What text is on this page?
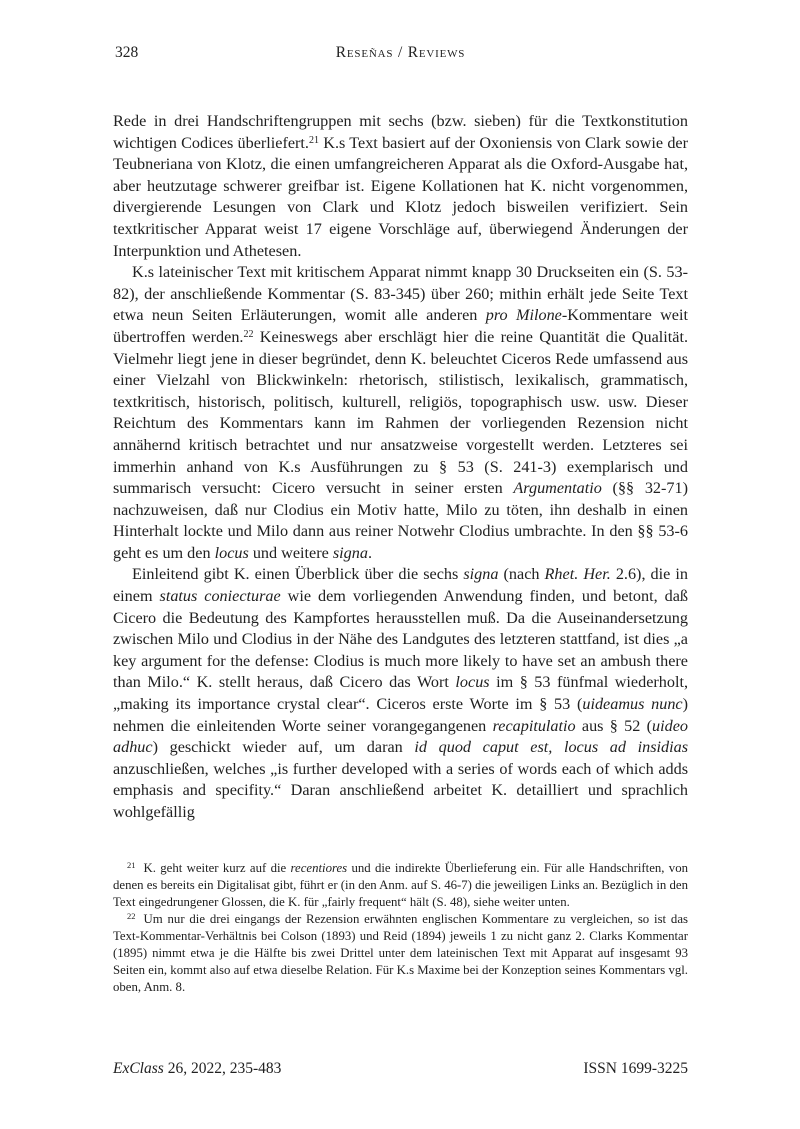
328	Reseñas / Reviews

Rede in drei Handschriftengruppen mit sechs (bzw. sieben) für die Textkonstitution wichtigen Codices überliefert.$^{21}$ K.s Text basiert auf der Oxoniensis von Clark sowie der Teubneriana von Klotz, die einen umfangreicheren Apparat als die Oxford-Ausgabe hat, aber heutzutage schwerer greifbar ist. Eigene Kollationen hat K. nicht vorgenommen, divergierende Lesungen von Clark und Klotz jedoch bisweilen verifiziert. Sein textkritischer Apparat weist 17 eigene Vorschläge auf, überwiegend Änderungen der Interpunktion und Athetesen.

K.s lateinischer Text mit kritischem Apparat nimmt knapp 30 Druckseiten ein (S. 53-82), der anschließende Kommentar (S. 83-345) über 260; mithin erhält jede Seite Text etwa neun Seiten Erläuterungen, womit alle anderen pro Milone-Kommentare weit übertroffen werden.$^{22}$ Keineswegs aber erschlägt hier die reine Quantität die Qualität. Vielmehr liegt jene in dieser begründet, denn K. beleuchtet Ciceros Rede umfassend aus einer Vielzahl von Blickwinkeln: rhetorisch, stilistisch, lexikalisch, grammatisch, textkritisch, historisch, politisch, kulturell, religiös, topographisch usw. usw. Dieser Reichtum des Kommentars kann im Rahmen der vorliegenden Rezension nicht annähernd kritisch betrachtet und nur ansatzweise vorgestellt werden. Letzteres sei immerhin anhand von K.s Ausführungen zu § 53 (S. 241-3) exemplarisch und summarisch versucht: Cicero versucht in seiner ersten Argumentatio (§§ 32-71) nachzuweisen, daß nur Clodius ein Motiv hatte, Milo zu töten, ihn deshalb in einen Hinterhalt lockte und Milo dann aus reiner Notwehr Clodius umbrachte. In den §§ 53-6 geht es um den locus und weitere signa.

Einleitend gibt K. einen Überblick über die sechs signa (nach Rhet. Her. 2.6), die in einem status coniecturae wie dem vorliegenden Anwendung finden, und betont, daß Cicero die Bedeutung des Kampfortes herausstellen muß. Da die Auseinandersetzung zwischen Milo und Clodius in der Nähe des Landgutes des letzteren stattfand, ist dies „a key argument for the defense: Clodius is much more likely to have set an ambush there than Milo.“ K. stellt heraus, daß Cicero das Wort locus im § 53 fünfmal wiederholt, „making its importance crystal clear“. Ciceros erste Worte im § 53 (uideamus nunc) nehmen die einleitenden Worte seiner vorangegangenen recapitulatio aus § 52 (uideo adhuc) geschickt wieder auf, um daran id quod caput est, locus ad insidias anzuschließen, welches „is further developed with a series of words each of which adds emphasis and specifity.“ Daran anschließend arbeitet K. detailliert und sprachlich wohlgefällig

$^{21}$ K. geht weiter kurz auf die recentiores und die indirekte Überlieferung ein. Für alle Handschriften, von denen es bereits ein Digitalisat gibt, führt er (in den Anm. auf S. 46-7) die jeweiligen Links an. Bezüglich in den Text eingedrungener Glossen, die K. für „fairly frequent“ hält (S. 48), siehe weiter unten.

$^{22}$ Um nur die drei eingangs der Rezension erwähnten englischen Kommentare zu vergleichen, so ist das Text-Kommentar-Verhältnis bei Colson (1893) und Reid (1894) jeweils 1 zu nicht ganz 2. Clarks Kommentar (1895) nimmt etwa je die Hälfte bis zwei Drittel unter dem lateinischen Text mit Apparat auf insgesamt 93 Seiten ein, kommt also auf etwa dieselbe Relation. Für K.s Maxime bei der Konzeption seines Kommentars vgl. oben, Anm. 8.

ExClass 26, 2022, 235-483	ISSN 1699-3225
